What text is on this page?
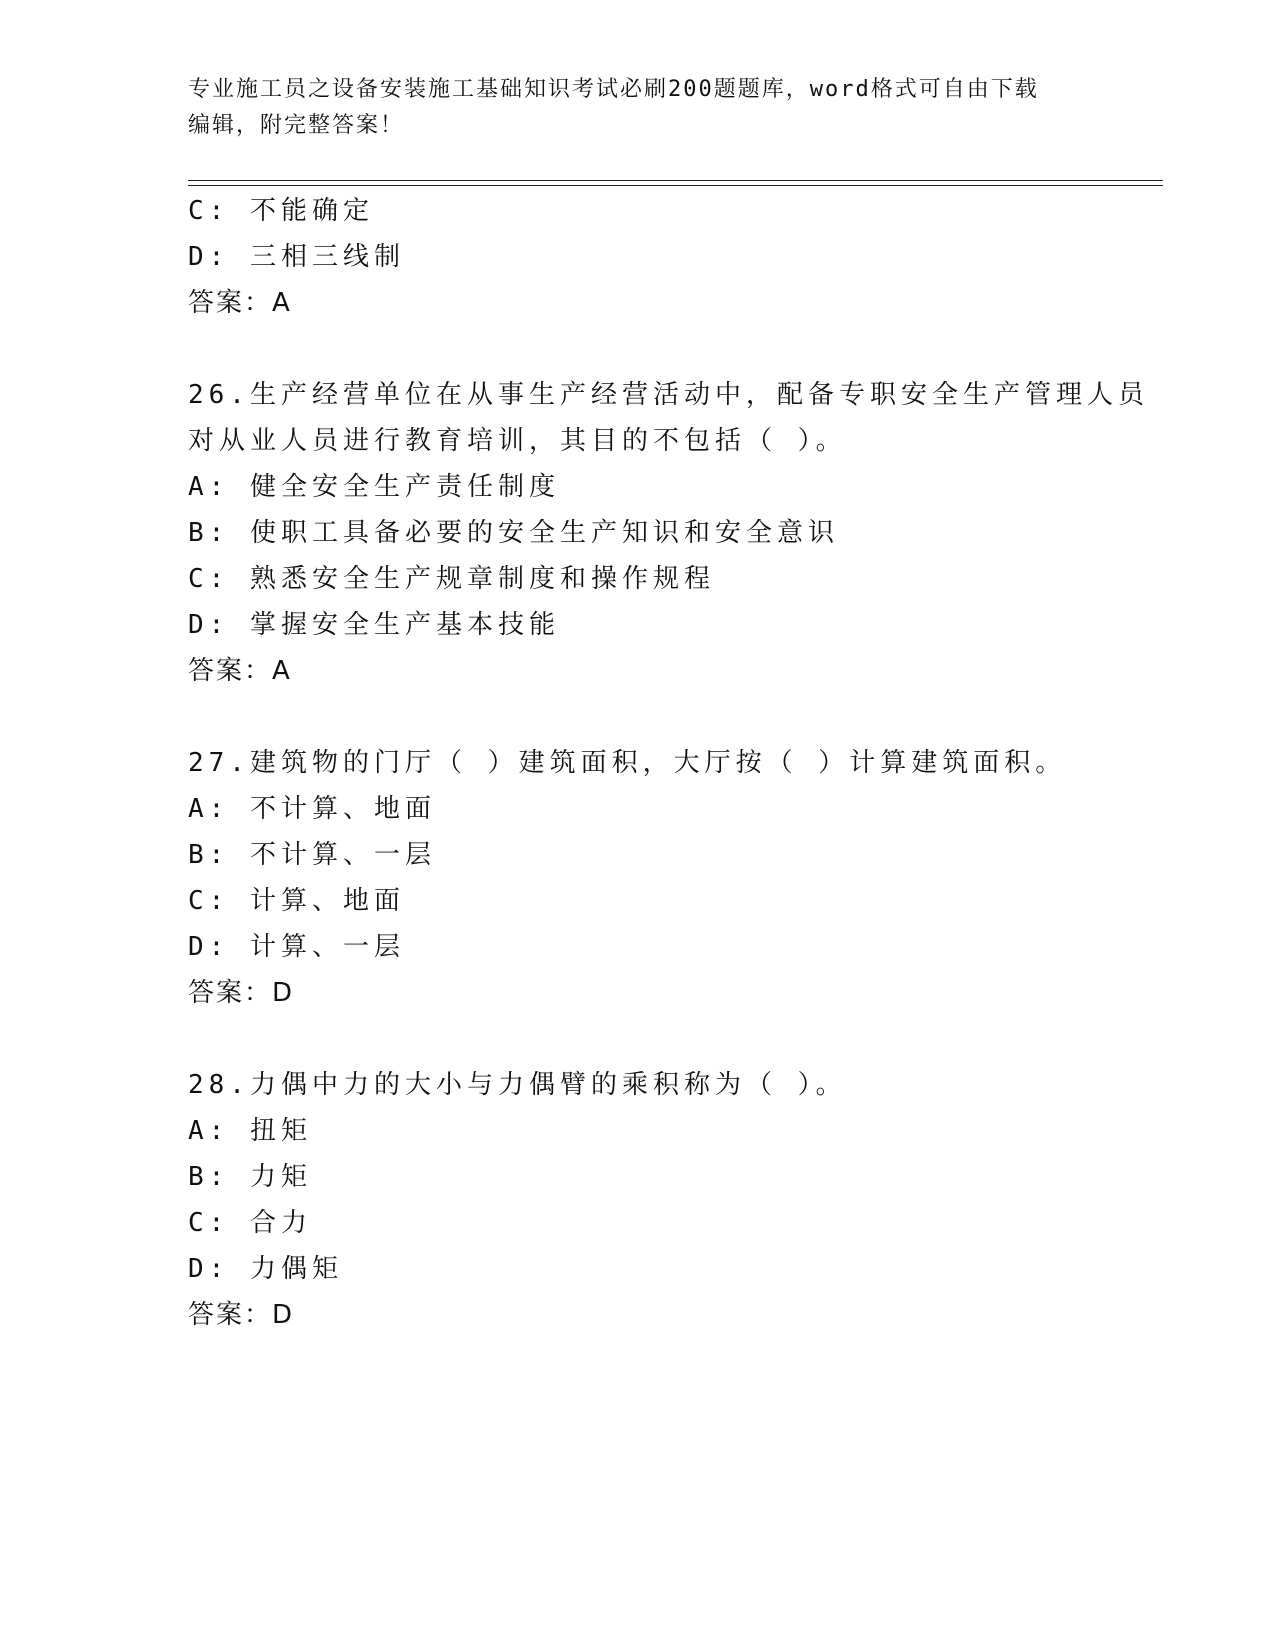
专业施工员之设备安装施工基础知识考试必刷200题题库，word格式可自由下载
编辑，附完整答案！
C: 不能确定
D: 三相三线制
答案：A
26.生产经营单位在从事生产经营活动中，配备专职安全生产管理人员
对从业人员进行教育培训，其目的不包括（ ）。
A: 健全安全生产责任制度
B: 使职工具备必要的安全生产知识和安全意识
C: 熟悉安全生产规章制度和操作规程
D: 掌握安全生产基本技能
答案：A
27.建筑物的门厅（ ）建筑面积，大厅按（ ）计算建筑面积。
A: 不计算、地面
B: 不计算、一层
C: 计算、地面
D: 计算、一层
答案：D
28.力偶中力的大小与力偶臂的乘积称为（ ）。
A: 扭矩
B: 力矩
C: 合力
D: 力偶矩
答案：D
